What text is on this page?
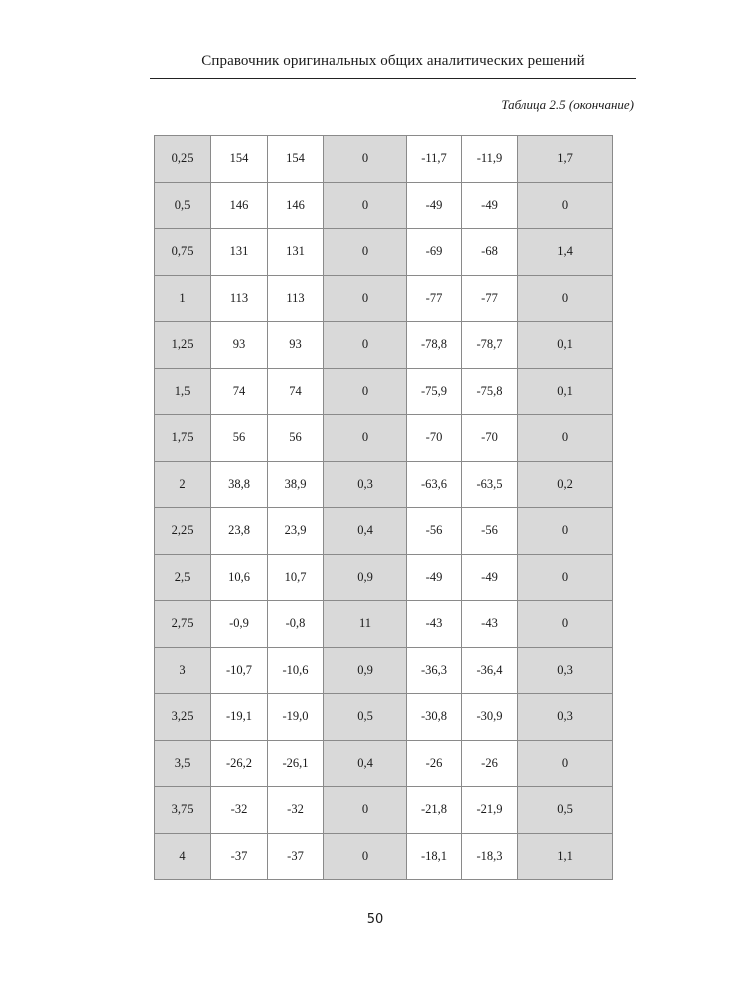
Справочник оригинальных общих аналитических решений
Таблица 2.5 (окончание)
0,25	154	154	0	-11,7	-11,9	1,7
0,5	146	146	0	-49	-49	0
0,75	131	131	0	-69	-68	1,4
1	113	113	0	-77	-77	0
1,25	93	93	0	-78,8	-78,7	0,1
1,5	74	74	0	-75,9	-75,8	0,1
1,75	56	56	0	-70	-70	0
2	38,8	38,9	0,3	-63,6	-63,5	0,2
2,25	23,8	23,9	0,4	-56	-56	0
2,5	10,6	10,7	0,9	-49	-49	0
2,75	-0,9	-0,8	11	-43	-43	0
3	-10,7	-10,6	0,9	-36,3	-36,4	0,3
3,25	-19,1	-19,0	0,5	-30,8	-30,9	0,3
3,5	-26,2	-26,1	0,4	-26	-26	0
3,75	-32	-32	0	-21,8	-21,9	0,5
4	-37	-37	0	-18,1	-18,3	1,1
50
